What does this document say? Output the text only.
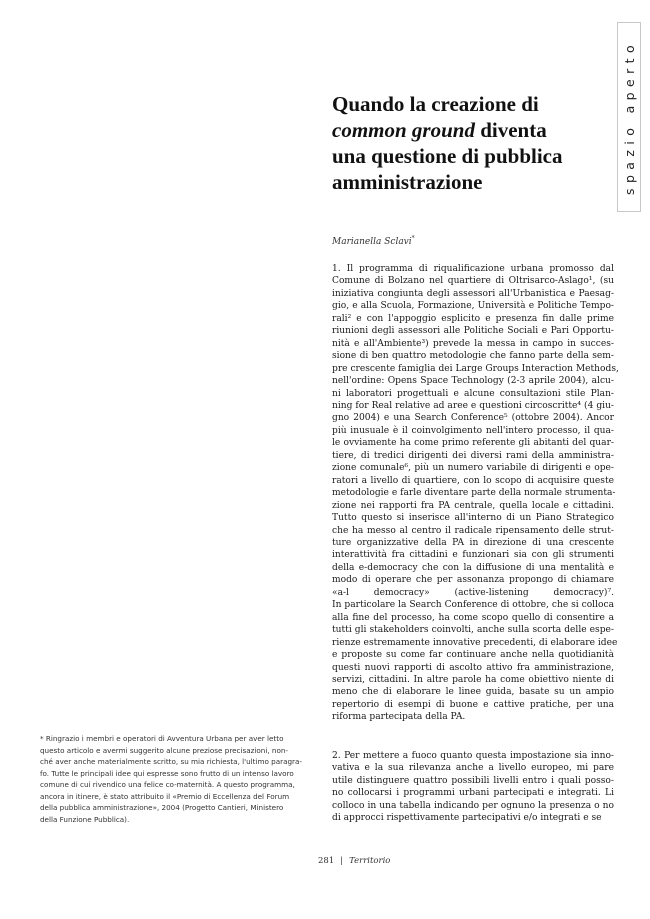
spazio aperto
Quando la creazione di
common ground diventa
una questione di pubblica
amministrazione
Marianella Sclavi*
1. Il programma di riqualificazione urbana promosso dal
Comune di Bolzano nel quartiere di Oltrisarco-Aslago¹, (su
iniziativa congiunta degli assessori all'Urbanistica e Paesag-
gio, e alla Scuola, Formazione, Università e Politiche Tempo-
rali² e con l'appoggio esplicito e presenza fin dalle prime
riunioni degli assessori alle Politiche Sociali e Pari Opportu-
nità e all'Ambiente³) prevede la messa in campo in succes-
sione di ben quattro metodologie che fanno parte della sem-
pre crescente famiglia dei Large Groups Interaction Methods,
nell'ordine: Opens Space Technology (2-3 aprile 2004), alcu-
ni laboratori progettuali e alcune consultazioni stile Plan-
ning for Real relative ad aree e questioni circoscritte⁴ (4 giu-
gno 2004) e una Search Conference⁵ (ottobre 2004). Ancor
più inusuale è il coinvolgimento nell'intero processo, il qua-
le ovviamente ha come primo referente gli abitanti del quar-
tiere, di tredici dirigenti dei diversi rami della amministra-
zione comunale⁶, più un numero variabile di dirigenti e ope-
ratori a livello di quartiere, con lo scopo di acquisire queste
metodologie e farle diventare parte della normale strumenta-
zione nei rapporti fra PA centrale, quella locale e cittadini.
Tutto questo si inserisce all'interno di un Piano Strategico
che ha messo al centro il radicale ripensamento delle strut-
ture organizzative della PA in direzione di una crescente
interattività fra cittadini e funzionari sia con gli strumenti
della e-democracy che con la diffusione di una mentalità e
modo di operare che per assonanza propongo di chiamare
«a-l democracy» (active-listening democracy)⁷.
In particolare la Search Conference di ottobre, che si colloca
alla fine del processo, ha come scopo quello di consentire a
tutti gli stakeholders coinvolti, anche sulla scorta delle espe-
rienze estremamente innovative precedenti, di elaborare idee
e proposte su come far continuare anche nella quotidianità
questi nuovi rapporti di ascolto attivo fra amministrazione,
servizi, cittadini. In altre parole ha come obiettivo niente di
meno che di elaborare le linee guida, basate su un ampio
repertorio di esempi di buone e cattive pratiche, per una
riforma partecipata della PA.
2. Per mettere a fuoco quanto questa impostazione sia inno-
vativa e la sua rilevanza anche a livello europeo, mi pare
utile distinguere quattro possibili livelli entro i quali posso-
no collocarsi i programmi urbani partecipati e integrati. Li
colloco in una tabella indicando per ognuno la presenza o no
di approcci rispettivamente partecipativi e/o integrati e se
* Ringrazio i membri e operatori di Avventura Urbana per aver letto
questo articolo e avermi suggerito alcune preziose precisazioni, non-
ché aver anche materialmente scritto, su mia richiesta, l'ultimo paragra-
fo. Tutte le principali idee qui espresse sono frutto di un intenso lavoro
comune di cui rivendico una felice co-maternità. A questo programma,
ancora in itinere, è stato attribuito il «Premio di Eccellenza del Forum
della pubblica amministrazione», 2004 (Progetto Cantieri, Ministero
della Funzione Pubblica).
281 | Territorio
